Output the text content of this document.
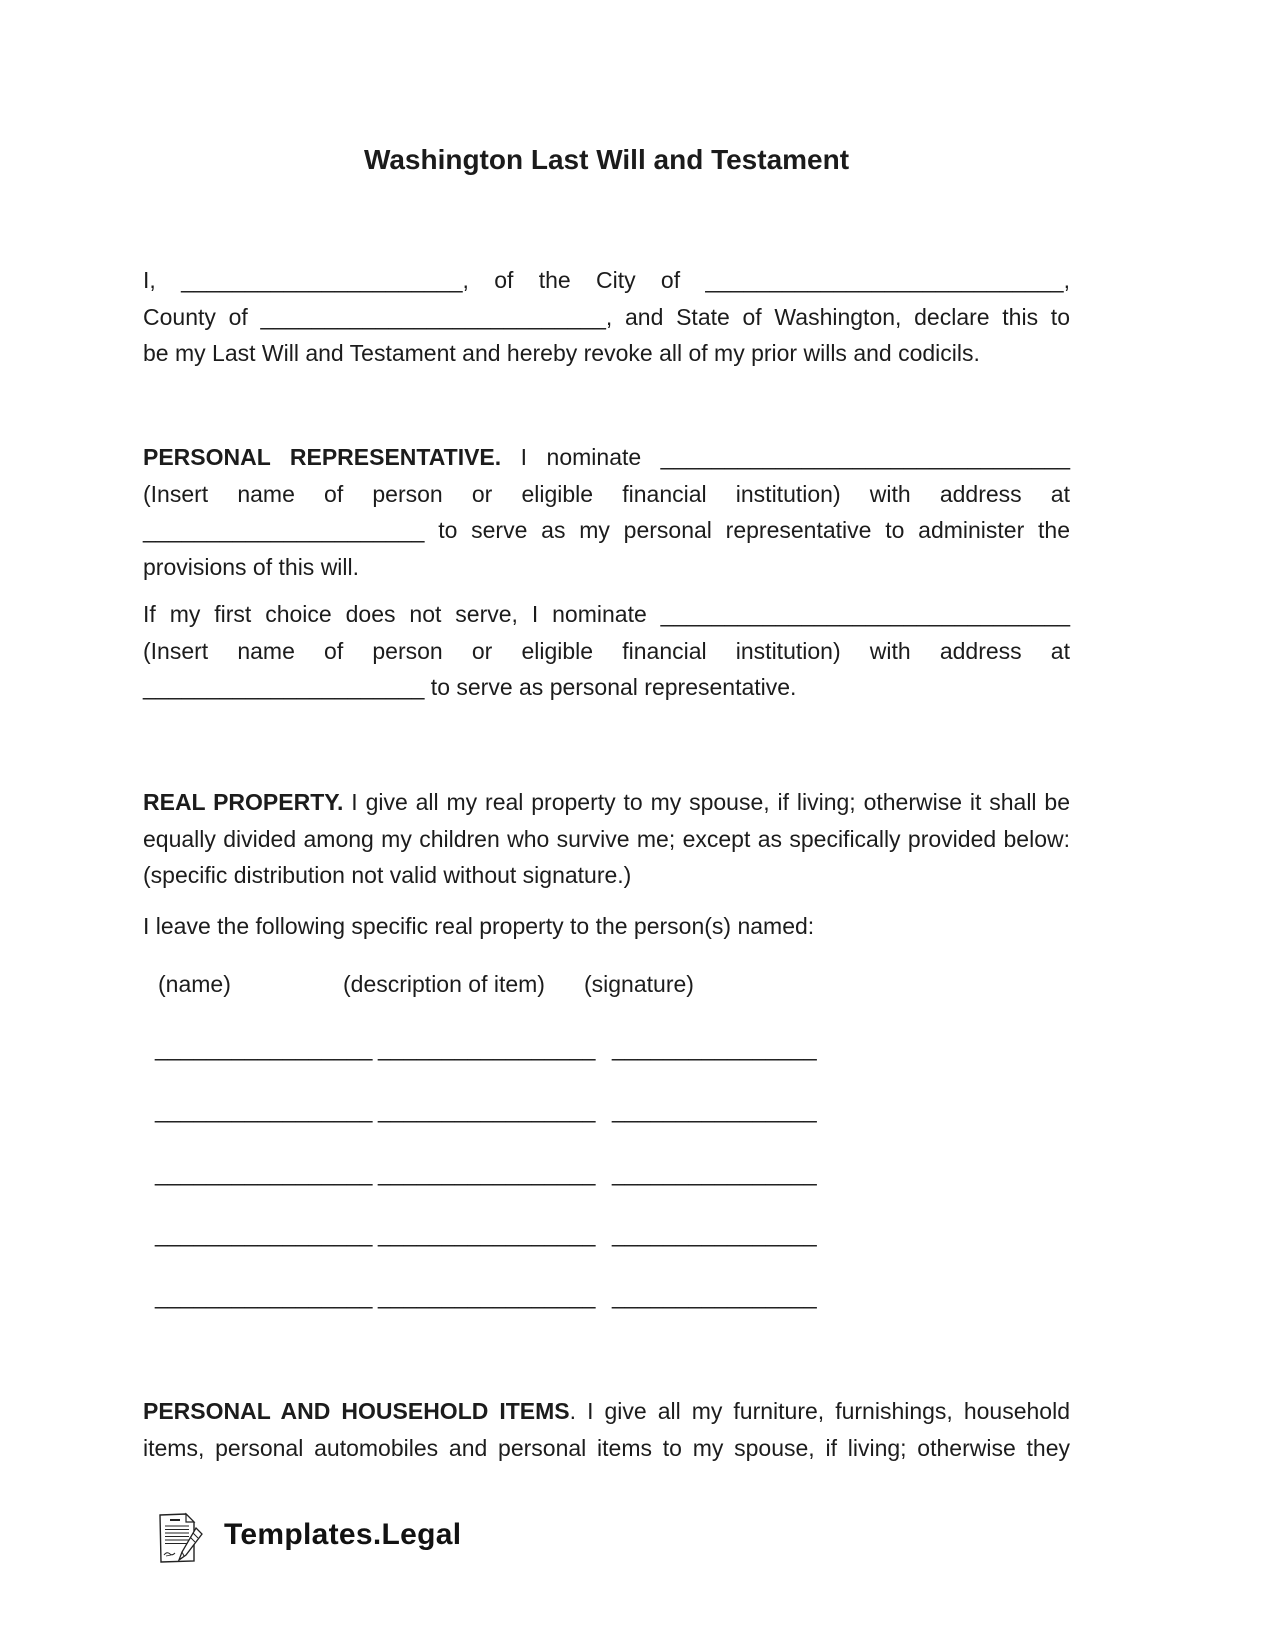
Washington Last Will and Testament
I, ______________________, of the City of ____________________________,
County of ___________________________, and State of Washington, declare this to
be my Last Will and Testament and hereby revoke all of my prior wills and codicils.
PERSONAL REPRESENTATIVE. I nominate ________________________________
(Insert name of person or eligible financial institution) with address at
______________________ to serve as my personal representative to administer the
provisions of this will.
If my first choice does not serve, I nominate ________________________________
(Insert name of person or eligible financial institution) with address at
______________________ to serve as personal representative.
REAL PROPERTY. I give all my real property to my spouse, if living; otherwise it shall be
equally divided among my children who survive me; except as specifically provided below:
(specific distribution not valid without signature.)
I leave the following specific real property to the person(s) named:
(name)	(description of item) (signature)
_________________ _________________ ________________
_________________ _________________ ________________
_________________ _________________ ________________
_________________ _________________ ________________
_________________ _________________ ________________
PERSONAL AND HOUSEHOLD ITEMS. I give all my furniture, furnishings, household
items, personal automobiles and personal items to my spouse, if living; otherwise they
Templates.Legal
